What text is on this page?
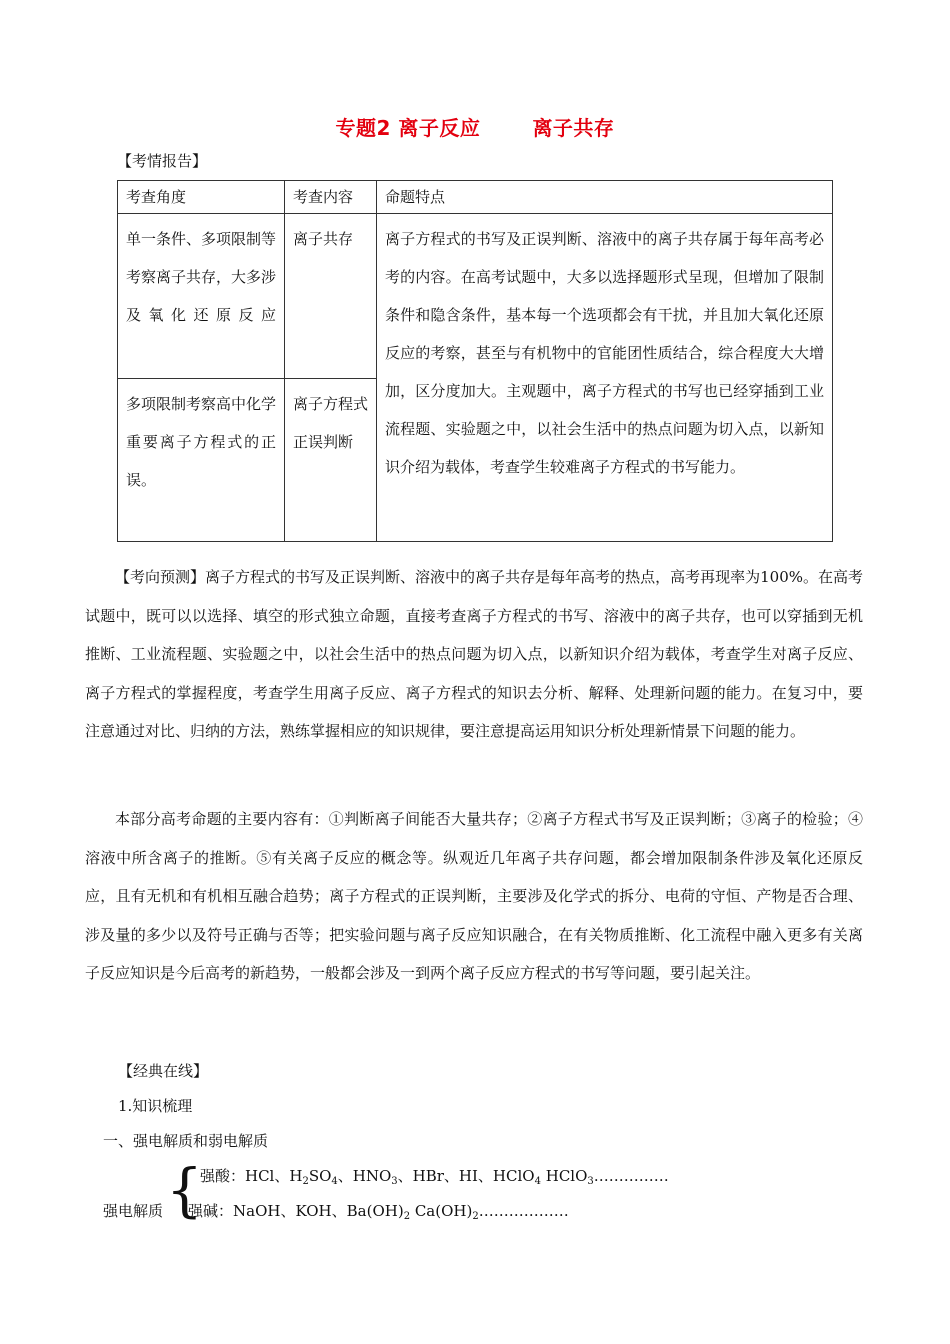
专题2 离子反应	离子共存
【考情报告】
考查角度	考查内容	命题特点
单一条件、多项限制等考察离子共存，大多涉及氧化还原反应	离子共存	离子方程式的书写及正误判断、溶液中的离子共存属于每年高考必考的内容。在高考试题中，大多以选择题形式呈现，但增加了限制条件和隐含条件，基本每一个选项都会有干扰，并且加大氧化还原反应的考察，甚至与有机物中的官能团性质结合，综合程度大大增加，区分度加大。主观题中，离子方程式的书写也已经穿插到工业流程题、实验题之中，以社会生活中的热点问题为切入点，以新知识介绍为载体，考查学生较难离子方程式的书写能力。
多项限制考察高中化学重要离子方程式的正误。	离子方程式正误判断	

【考向预测】离子方程式的书写及正误判断、溶液中的离子共存是每年高考的热点，高考再现率为100%。在高考试题中，既可以以选择、填空的形式独立命题，直接考查离子方程式的书写、溶液中的离子共存，也可以穿插到无机推断、工业流程题、实验题之中，以社会生活中的热点问题为切入点，以新知识介绍为载体，考查学生对离子反应、离子方程式的掌握程度，考查学生用离子反应、离子方程式的知识去分析、解释、处理新问题的能力。在复习中，要注意通过对比、归纳的方法，熟练掌握相应的知识规律，要注意提高运用知识分析处理新情景下问题的能力。

本部分高考命题的主要内容有：①判断离子间能否大量共存；②离子方程式书写及正误判断；③离子的检验；④溶液中所含离子的推断。⑤有关离子反应的概念等。纵观近几年离子共存问题，都会增加限制条件涉及氧化还原反应，且有无机和有机相互融合趋势；离子方程式的正误判断，主要涉及化学式的拆分、电荷的守恒、产物是否合理、涉及量的多少以及符号正确与否等；把实验问题与离子反应知识融合，在有关物质推断、化工流程中融入更多有关离子反应知识是今后高考的新趋势，一般都会涉及一到两个离子反应方程式的书写等问题，要引起关注。

【经典在线】
1.知识梳理
一、强电解质和弱电解质
{
强酸：HCl、$H_2SO_4$、$HNO_3$、HBr、HI、HClO$_4$ HClO$_3$……………
强电解质 强碱：NaOH、KOH、$Ba(OH)_2$ $Ca(OH)_2\dots\dots\dots\dots\dots\dots$
